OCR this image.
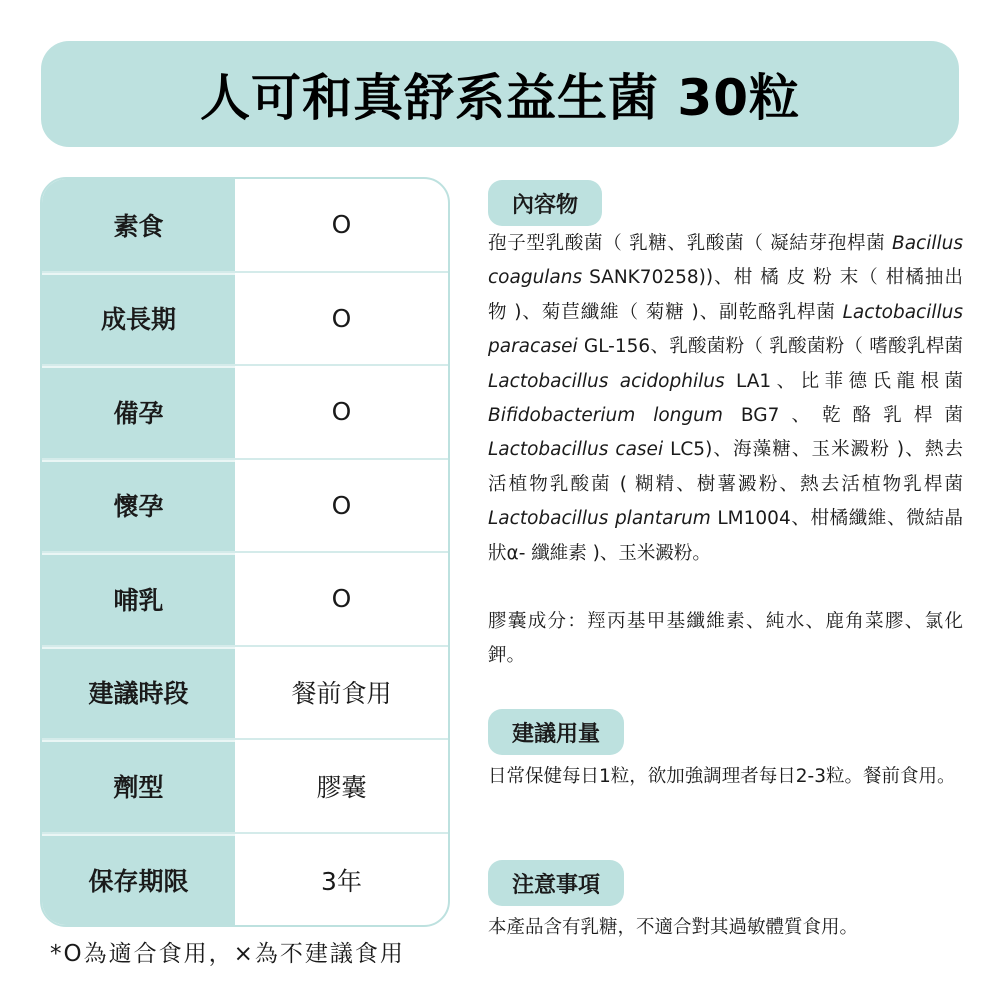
人可和真舒系益生菌 30粒
素食	O
成長期	O
備孕	O
懷孕	O
哺乳	O
建議時段	餐前食用
劑型	膠囊
保存期限	3年
*O為適合食用，×為不建議食用
內容物
孢子型乳酸菌（ 乳糖、乳酸菌（ 凝結芽孢桿菌 Bacillus coagulans SANK70258))、柑 橘 皮 粉 末（ 柑橘抽出物 )、菊苣纖維（ 菊糖 )、副乾酪乳桿菌 Lactobacillus paracasei GL-156、乳酸菌粉（ 乳酸菌粉（ 嗜酸乳桿菌 Lactobacillus acidophilus LA1、比菲德氏龍根菌 Bifidobacterium longum BG7、乾酪乳桿菌 Lactobacillus casei LC5)、海藻糖、玉米澱粉 )、熱去活植物乳酸菌 ( 糊精、樹薯澱粉、熱去活植物乳桿菌 Lactobacillus plantarum LM1004、柑橘纖維、微結晶狀α- 纖維素 )、玉米澱粉。
膠囊成分：羥丙基甲基纖維素、純水、鹿角菜膠、氯化鉀。
建議用量
日常保健每日1粒，欲加強調理者每日2-3粒。餐前食用。
注意事項
本產品含有乳糖，不適合對其過敏體質食用。
